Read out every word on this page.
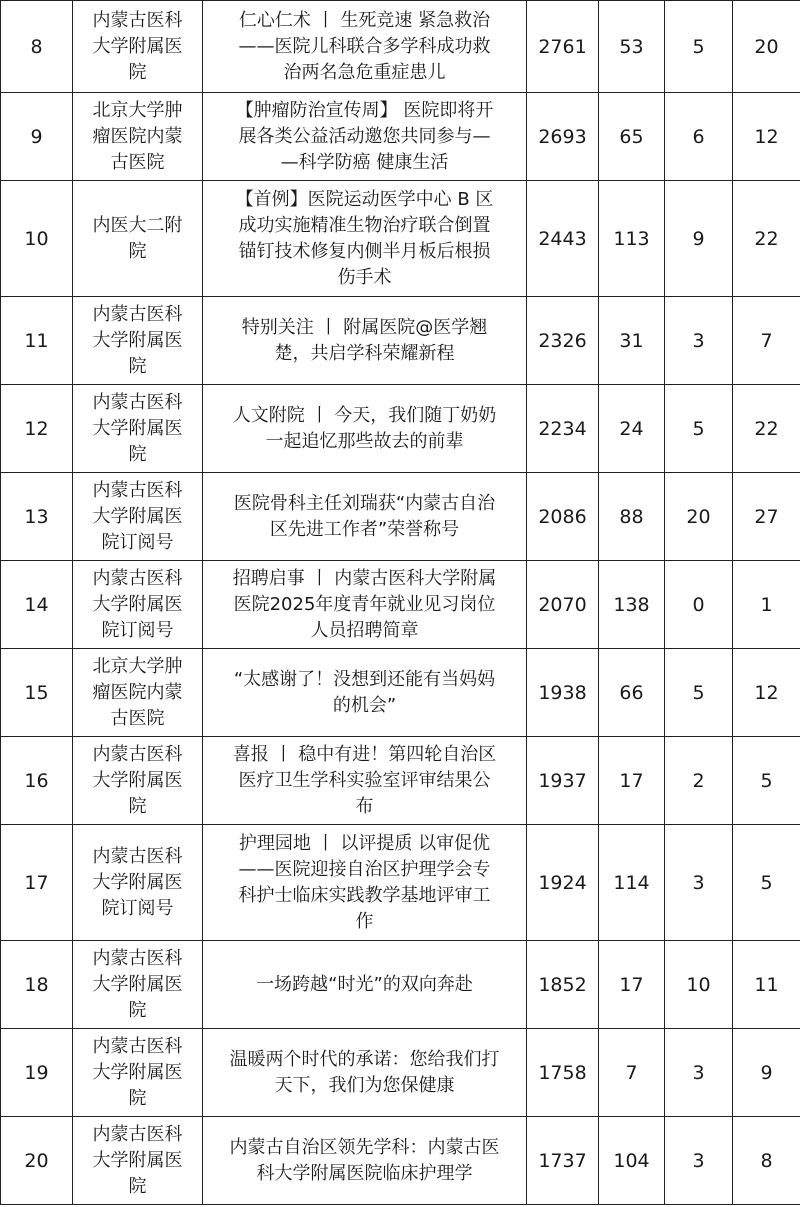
8	内蒙古医科
大学附属医
院	仁心仁术 丨 生死竞速 紧急救治
——医院儿科联合多学科成功救
治两名急危重症患儿	2761	53	5	20
9	北京大学肿
瘤医院内蒙
古医院	【肿瘤防治宣传周】 医院即将开
展各类公益活动邀您共同参与—
—科学防癌 健康生活	2693	65	6	12
10	内医大二附
院	【首例】医院运动医学中心 B 区
成功实施精准生物治疗联合倒置
锚钉技术修复内侧半月板后根损
伤手术	2443	113	9	22
11	内蒙古医科
大学附属医
院	特别关注 丨 附属医院@医学翘
楚，共启学科荣耀新程	2326	31	3	7
12	内蒙古医科
大学附属医
院	人文附院 丨 今天，我们随丁奶奶
一起追忆那些故去的前辈	2234	24	5	22
13	内蒙古医科
大学附属医
院订阅号	医院骨科主任刘瑞获“内蒙古自治
区先进工作者”荣誉称号	2086	88	20	27
14	内蒙古医科
大学附属医
院订阅号	招聘启事 丨 内蒙古医科大学附属
医院2025年度青年就业见习岗位
人员招聘简章	2070	138	0	1
15	北京大学肿
瘤医院内蒙
古医院	“太感谢了！没想到还能有当妈妈
的机会”	1938	66	5	12
16	内蒙古医科
大学附属医
院	喜报 丨 稳中有进！第四轮自治区
医疗卫生学科实验室评审结果公
布	1937	17	2	5
17	内蒙古医科
大学附属医
院订阅号	护理园地 丨 以评提质 以审促优
——医院迎接自治区护理学会专
科护士临床实践教学基地评审工
作	1924	114	3	5
18	内蒙古医科
大学附属医
院	一场跨越“时光”的双向奔赴	1852	17	10	11
19	内蒙古医科
大学附属医
院	温暖两个时代的承诺：您给我们打
天下，我们为您保健康	1758	7	3	9
20	内蒙古医科
大学附属医
院	内蒙古自治区领先学科：内蒙古医
科大学附属医院临床护理学	1737	104	3	8
